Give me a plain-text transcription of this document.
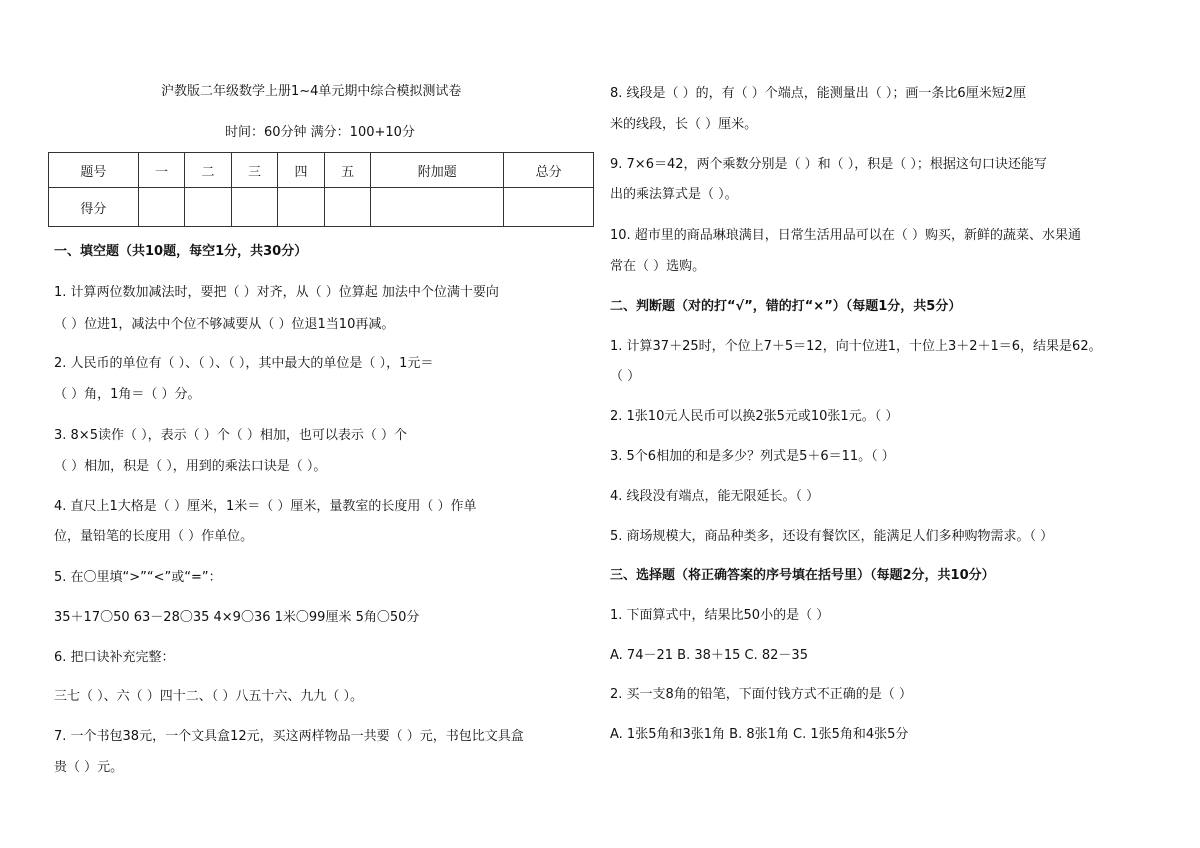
沪教版二年级数学上册1~4单元期中综合模拟测试卷
时间：60分钟 满分：100+10分
题号	一	二	三	四	五	附加题	总分
得分							
一、填空题（共10题，每空1分，共30分）
1. 计算两位数加减法时，要把（ ）对齐，从（ ）位算起 加法中个位满十要向
（ ）位进1，减法中个位不够减要从（ ）位退1当10再减。
2. 人民币的单位有（ ）、（ ）、（ ），其中最大的单位是（ ），1元＝
（ ）角，1角＝（ ）分。
3. 8×5读作（ ），表示（ ）个（ ）相加，也可以表示（ ）个
（ ）相加，积是（ ），用到的乘法口诀是（ ）。
4. 直尺上1大格是（ ）厘米，1米＝（ ）厘米，量教室的长度用（ ）作单
位，量铅笔的长度用（ ）作单位。
5. 在〇里填“>”“<”或“=”：
35＋17〇50 63－28〇35 4×9〇36 1米〇99厘米 5角〇50分
6. 把口诀补充完整：
三七（ ）、六（ ）四十二、（ ）八五十六、九九（ ）。
7. 一个书包38元，一个文具盒12元，买这两样物品一共要（ ）元，书包比文具盒
贵（ ）元。
8. 线段是（ ）的，有（ ）个端点，能测量出（ ）；画一条比6厘米短2厘
米的线段，长（ ）厘米。
9. 7×6＝42，两个乘数分别是（ ）和（ ），积是（ ）；根据这句口诀还能写
出的乘法算式是（ ）。
10. 超市里的商品琳琅满目，日常生活用品可以在（ ）购买，新鲜的蔬菜、水果通
常在（ ）选购。
二、判断题（对的打“√”，错的打“×”）（每题1分，共5分）
1. 计算37＋25时，个位上7＋5＝12，向十位进1，十位上3＋2＋1＝6，结果是62。
（ ）
2. 1张10元人民币可以换2张5元或10张1元。（ ）
3. 5个6相加的和是多少？列式是5＋6＝11。（ ）
4. 线段没有端点，能无限延长。（ ）
5. 商场规模大，商品种类多，还设有餐饮区，能满足人们多种购物需求。（ ）
三、选择题（将正确答案的序号填在括号里）（每题2分，共10分）
1. 下面算式中，结果比50小的是（ ）
A. 74－21 B. 38＋15 C. 82－35
2. 买一支8角的铅笔，下面付钱方式不正确的是（ ）
A. 1张5角和3张1角 B. 8张1角 C. 1张5角和4张5分
